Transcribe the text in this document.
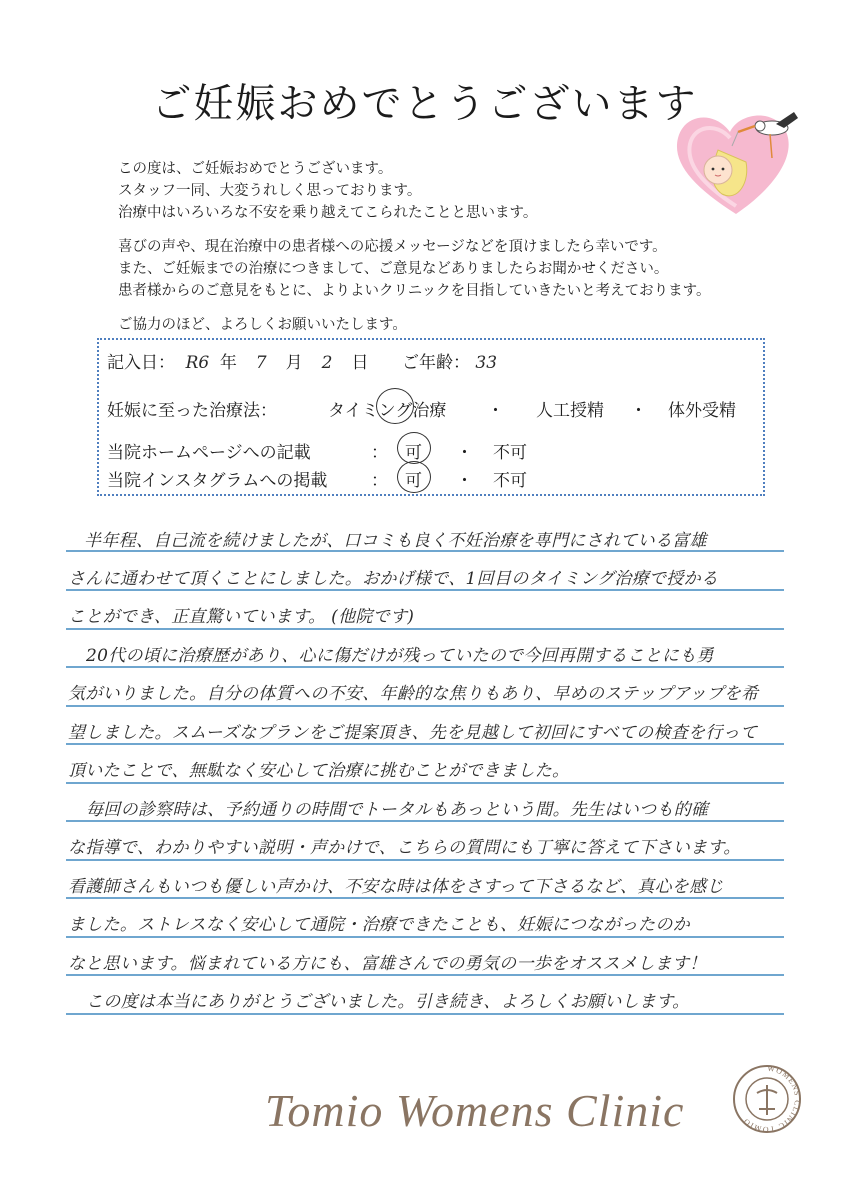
ご妊娠おめでとうございます

この度は、ご妊娠おめでとうございます。

スタッフ一同、大変うれしく思っております。

治療中はいろいろな不安を乗り越えてこられたことと思います。

喜びの声や、現在治療中の患者様への応援メッセージなどを頂けましたら幸いです。

また、ご妊娠までの治療につきまして、ご意見などありましたらお聞かせください。

患者様からのご意見をもとに、よりよいクリニックを目指していきたいと考えております。

ご協力のほど、よろしくお願いいたします。

記入日： R6 年 7 月 2 日 ご年齢： 33
妊娠に至った治療法：	タイミング治療 ・ 人工授精 ・ 体外受精
当院ホームページへの記載	： 可 ・ 不可
当院インスタグラムへの掲載	： 可 ・ 不可
半年程、自己流を続けましたが、口コミも良く不妊治療を専門にされている富雄
さんに通わせて頂くことにしました。おかげ様で、1回目のタイミング治療で授かる
ことができ、正直驚いています。 (他院です)
20代の頃に治療歴があり、心に傷だけが残っていたので今回再開することにも勇
気がいりました。自分の体質への不安、年齢的な焦りもあり、早めのステップアップを希
望しました。スムーズなプランをご提案頂き、先を見越して初回にすべての検査を行って
頂いたことで、無駄なく安心して治療に挑むことができました。
毎回の診察時は、予約通りの時間でトータルもあっという間。先生はいつも的確
な指導で、わかりやすい説明・声かけで、こちらの質問にも丁寧に答えて下さいます。
看護師さんもいつも優しい声かけ、不安な時は体をさすって下さるなど、真心を感じ
ました。ストレスなく安心して通院・治療できたことも、妊娠につながったのか
なと思います。悩まれている方にも、富雄さんでの勇気の一歩をオススメします！
この度は本当にありがとうございました。引き続き、よろしくお願いします。
Tomio Womens Clinic
WOMENS CLINIC TOMIO
